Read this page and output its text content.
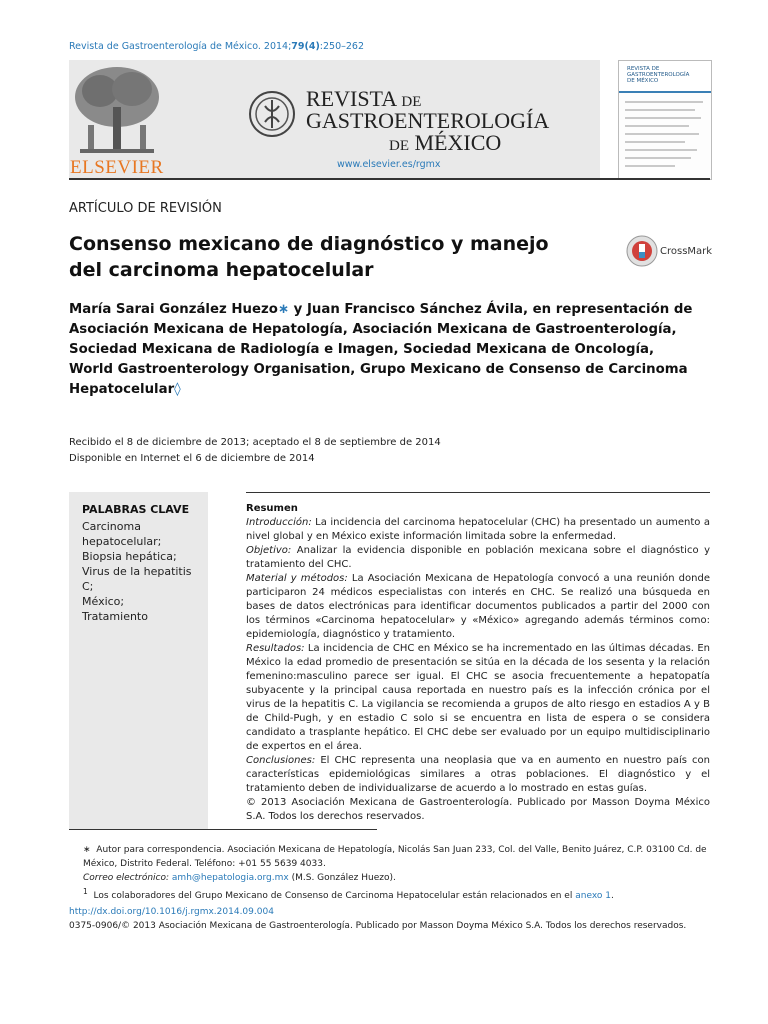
Revista de Gastroenterología de México. 2014;79(4):250–262
ELSEVIER
REVISTA DE
GASTROENTEROLOGÍA
DE MÉXICO
www.elsevier.es/rgmx
REVISTA DE
GASTROENTEROLOGÍA
DE MÉXICO
ARTÍCULO DE REVISIÓN
Consenso mexicano de diagnóstico y manejo del carcinoma hepatocelular
CrossMark
María Sarai González Huezo∗ y Juan Francisco Sánchez Ávila, en representación de Asociación Mexicana de Hepatología, Asociación Mexicana de Gastroenterología, Sociedad Mexicana de Radiología e Imagen, Sociedad Mexicana de Oncología, World Gastroenterology Organisation, Grupo Mexicano de Consenso de Carcinoma Hepatocelular◊
Recibido el 8 de diciembre de 2013; aceptado el 8 de septiembre de 2014
Disponible en Internet el 6 de diciembre de 2014
PALABRAS CLAVE
Carcinoma hepatocelular;
Biopsia hepática;
Virus de la hepatitis C;
México;
Tratamiento
Resumen

Introducción: La incidencia del carcinoma hepatocelular (CHC) ha presentado un aumento a nivel global y en México existe información limitada sobre la enfermedad.

Objetivo: Analizar la evidencia disponible en población mexicana sobre el diagnóstico y tratamiento del CHC.

Material y métodos: La Asociación Mexicana de Hepatología convocó a una reunión donde participaron 24 médicos especialistas con interés en CHC. Se realizó una búsqueda en bases de datos electrónicas para identificar documentos publicados a partir del 2000 con los términos «Carcinoma hepatocelular» y «México» agregando además términos como: epidemiología, diagnóstico y tratamiento.

Resultados: La incidencia de CHC en México se ha incrementado en las últimas décadas. En México la edad promedio de presentación se sitúa en la década de los sesenta y la relación femenino:masculino parece ser igual. El CHC se asocia frecuentemente a hepatopatía subyacente y la principal causa reportada en nuestro país es la infección crónica por el virus de la hepatitis C. La vigilancia se recomienda a grupos de alto riesgo en estadios A y B de Child-Pugh, y en estadio C solo si se encuentra en lista de espera o se considera candidato a trasplante hepático. El CHC debe ser evaluado por un equipo multidisciplinario de expertos en el área.

Conclusiones: El CHC representa una neoplasia que va en aumento en nuestro país con características epidemiológicas similares a otras poblaciones. El diagnóstico y el tratamiento deben de individualizarse de acuerdo a lo mostrado en estas guías.

© 2013 Asociación Mexicana de Gastroenterología. Publicado por Masson Doyma México S.A. Todos los derechos reservados.

∗ Autor para correspondencia. Asociación Mexicana de Hepatología, Nicolás San Juan 233, Col. del Valle, Benito Juárez, C.P. 03100 Cd. de México, Distrito Federal. Teléfono: +01 55 5639 4033.

Correo electrónico: amh@hepatologia.org.mx (M.S. González Huezo).

$^1$ Los colaboradores del Grupo Mexicano de Consenso de Carcinoma Hepatocelular están relacionados en el anexo 1.

http://dx.doi.org/10.1016/j.rgmx.2014.09.004
0375-0906/© 2013 Asociación Mexicana de Gastroenterología. Publicado por Masson Doyma México S.A. Todos los derechos reservados.
